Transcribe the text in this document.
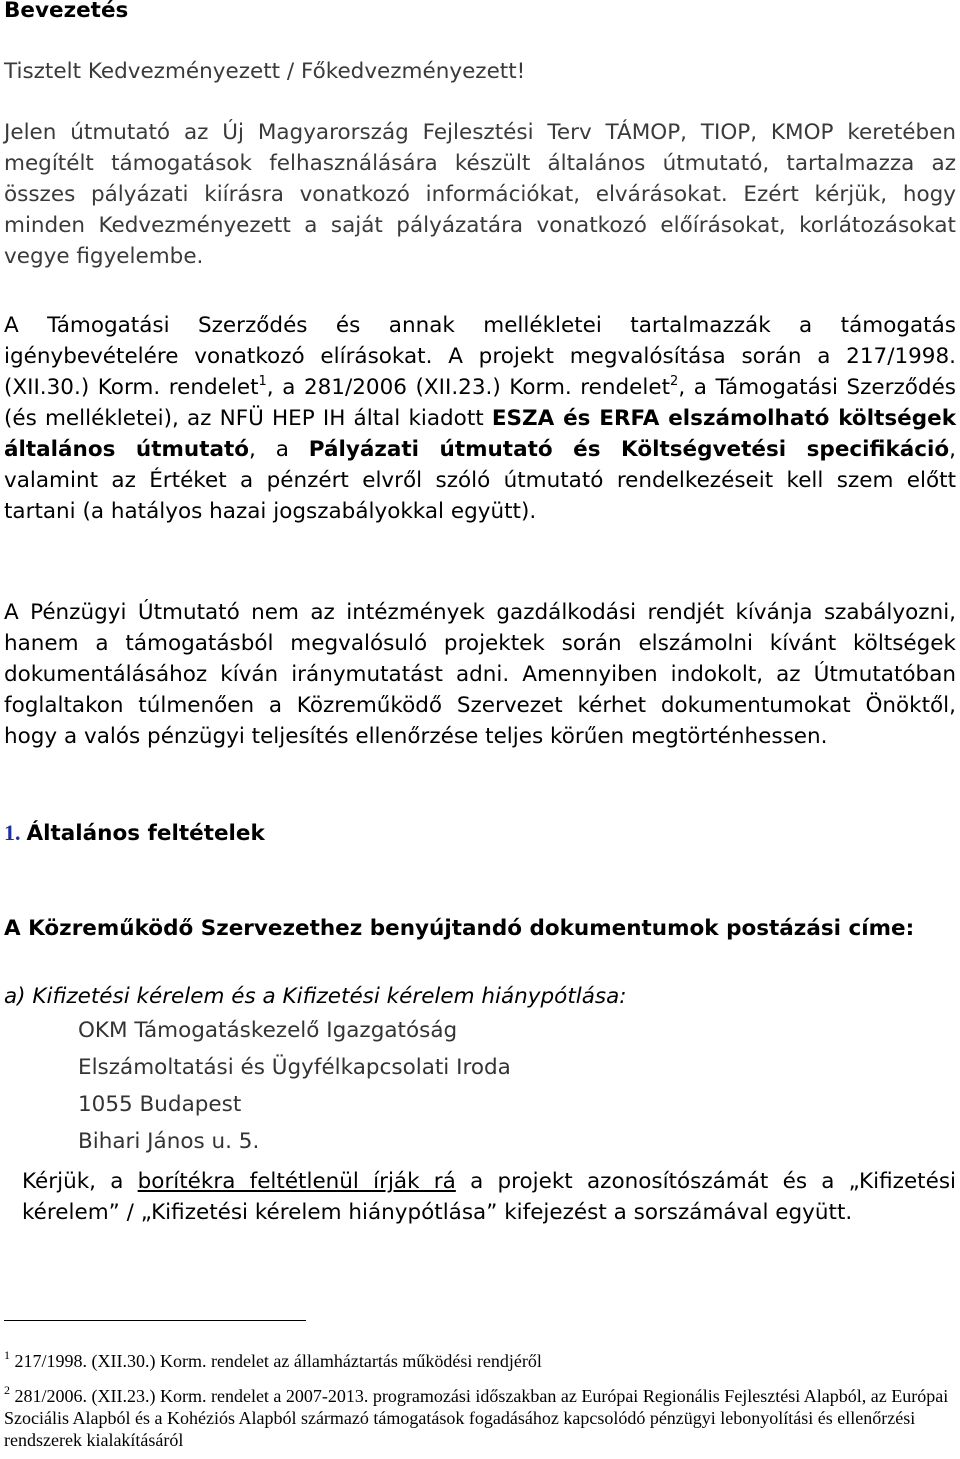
Bevezetés

Tisztelt Kedvezményezett / Főkedvezményezett!

Jelen útmutató az Új Magyarország Fejlesztési Terv TÁMOP, TIOP, KMOP keretében megítélt támogatások felhasználására készült általános útmutató, tartalmazza az összes pályázati kiírásra vonatkozó információkat, elvárásokat. Ezért kérjük, hogy minden Kedvezményezett a saját pályázatára vonatkozó előírásokat, korlátozásokat vegye figyelembe.

A Támogatási Szerződés és annak mellékletei tartalmazzák a támogatás igénybevételére vonatkozó elírásokat. A projekt megvalósítása során a 217/1998. (XII.30.) Korm. rendelet$^1$, a 281/2006 (XII.23.) Korm. rendelet$^2$, a Támogatási Szerződés (és mellékletei), az NFÜ HEP IH által kiadott ESZA és ERFA elszámolható költségek általános útmutató, a Pályázati útmutató és Költségvetési specifikáció, valamint az Értéket a pénzért elvről szóló útmutató rendelkezéseit kell szem előtt tartani (a hatályos hazai jogszabályokkal együtt).

A Pénzügyi Útmutató nem az intézmények gazdálkodási rendjét kívánja szabályozni, hanem a támogatásból megvalósuló projektek során elszámolni kívánt költségek dokumentálásához kíván iránymutatást adni. Amennyiben indokolt, az Útmutatóban foglaltakon túlmenően a Közreműködő Szervezet kérhet dokumentumokat Önöktől, hogy a valós pénzügyi teljesítés ellenőrzése teljes körűen megtörténhessen.

1. Általános feltételek

A Közreműködő Szervezethez benyújtandó dokumentumok postázási címe:

a) Kifizetési kérelem és a Kifizetési kérelem hiánypótlása:

OKM Támogatáskezelő Igazgatóság
Elszámoltatási és Ügyfélkapcsolati Iroda
1055 Budapest
Bihari János u. 5.

Kérjük, a borítékra feltétlenül írják rá a projekt azonosítószámát és a „Kifizetési kérelem” / „Kifizetési kérelem hiánypótlása” kifejezést a sorszámával együtt.

$^1$ 217/1998. (XII.30.) Korm. rendelet az államháztartás működési rendjéről

$^2$ 281/2006. (XII.23.) Korm. rendelet a 2007-2013. programozási időszakban az Európai Regionális Fejlesztési Alapból, az Európai Szociális Alapból és a Kohéziós Alapból származó támogatások fogadásához kapcsolódó pénzügyi lebonyolítási és ellenőrzési rendszerek kialakításáról
